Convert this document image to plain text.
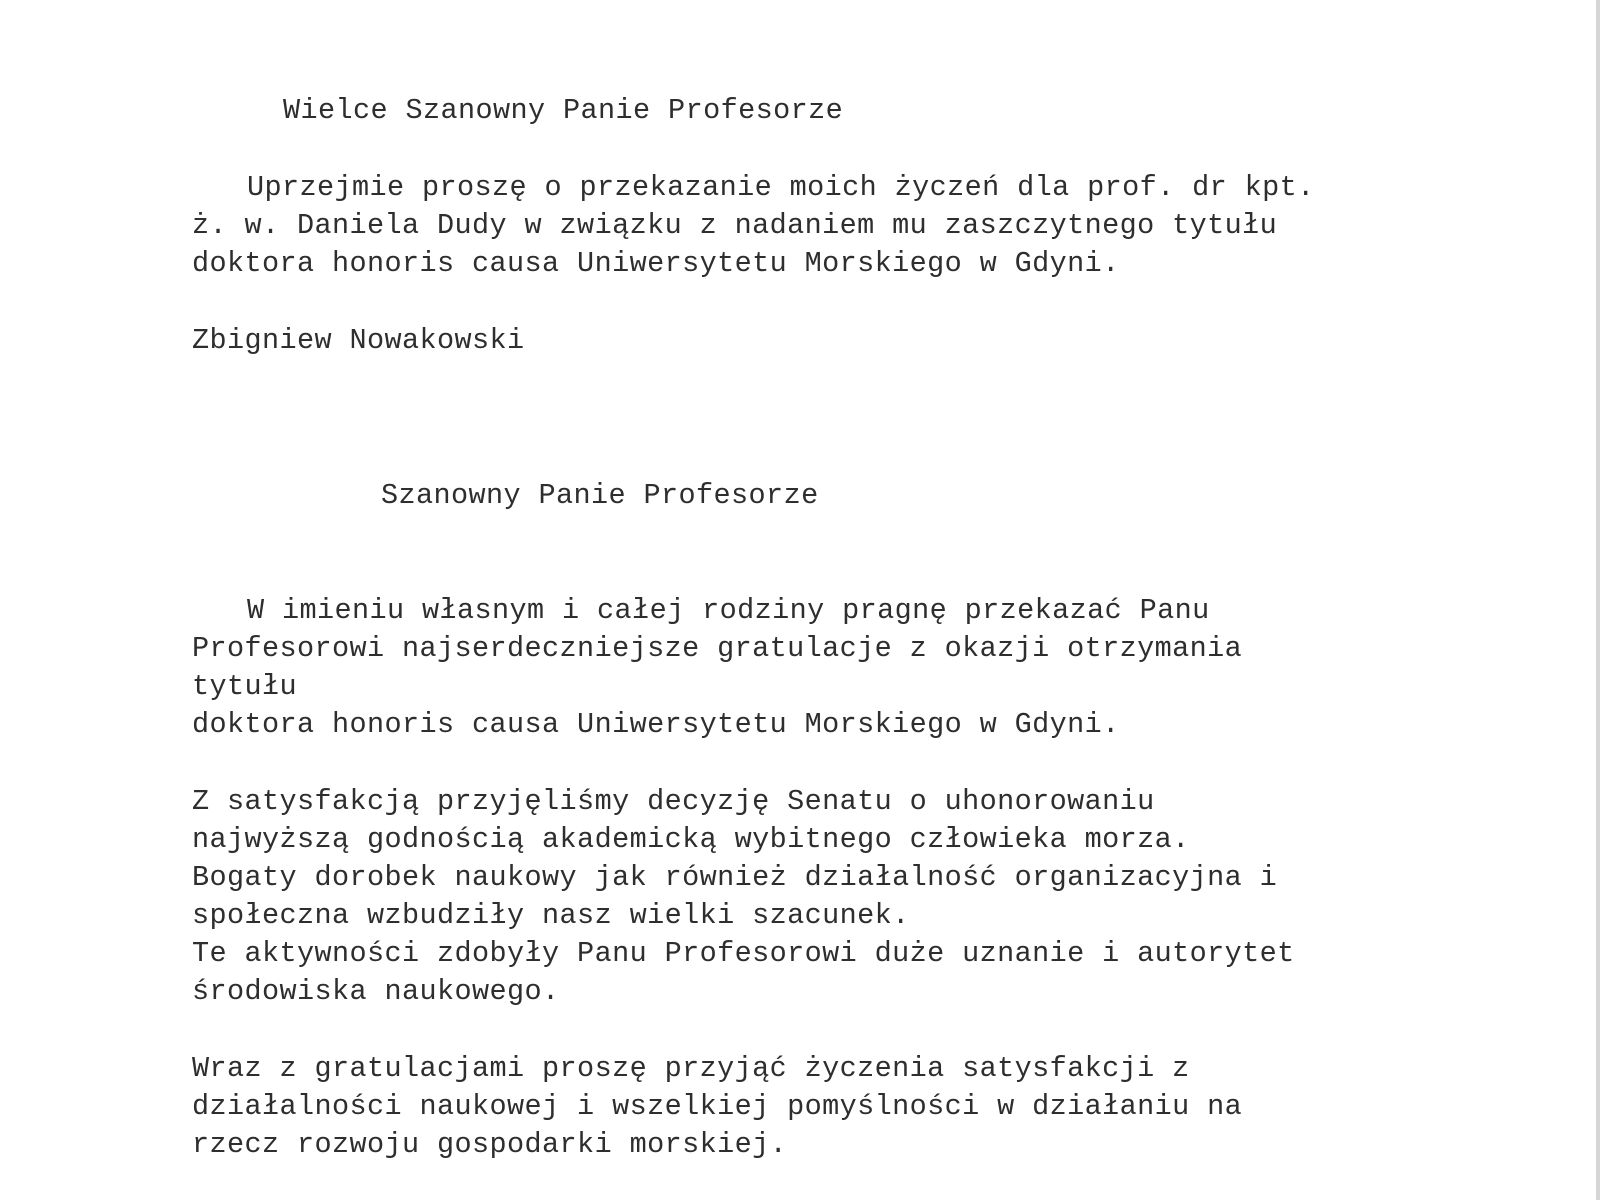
Wielce Szanowny Panie Profesorze
Uprzejmie proszę o przekazanie moich życzeń dla prof. dr kpt.
ż. w. Daniela Dudy w związku z nadaniem mu zaszczytnego tytułu
doktora honoris causa Uniwersytetu Morskiego w Gdyni.
Zbigniew Nowakowski
Szanowny Panie Profesorze
W imieniu własnym i całej rodziny pragnę przekazać Panu
Profesorowi najserdeczniejsze gratulacje z okazji otrzymania
tytułu
doktora honoris causa Uniwersytetu Morskiego w Gdyni.
Z satysfakcją przyjęliśmy decyzję Senatu o uhonorowaniu
najwyższą godnością akademicką wybitnego człowieka morza.
Bogaty dorobek naukowy jak również działalność organizacyjna i
społeczna wzbudziły nasz wielki szacunek.
Te aktywności zdobyły Panu Profesorowi duże uznanie i autorytet
środowiska naukowego.
Wraz z gratulacjami proszę przyjąć życzenia satysfakcji z
działalności naukowej i wszelkiej pomyślności w działaniu na
rzecz rozwoju gospodarki morskiej.
